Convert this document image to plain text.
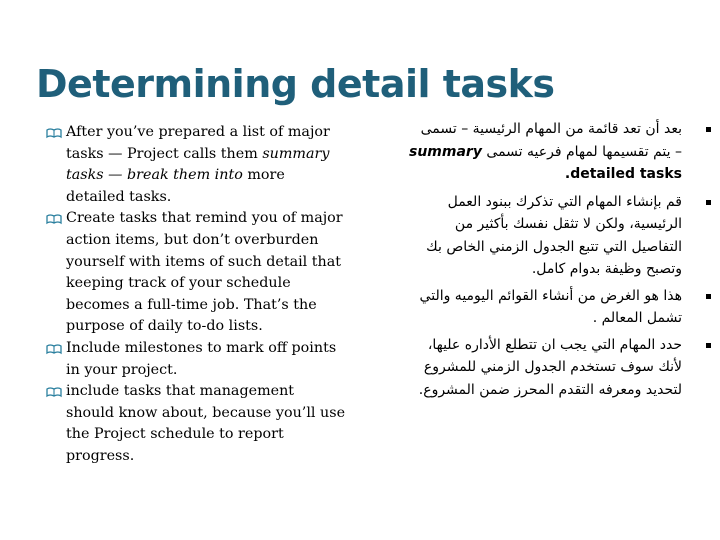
Determining detail tasks
After you’ve prepared a list of major
tasks — Project calls them summary
tasks — break them into more
detailed tasks.
Create tasks that remind you of major
action items, but don’t overburden
yourself with items of such detail that
keeping track of your schedule
becomes a full-time job. That’s the
purpose of daily to-do lists.
Include milestones to mark off points
in your project.
include tasks that management
should know about, because you’ll use
the Project schedule to report
progress.
بعد أن تعد قائمة من المهام الرئيسية – تسمى
– يتم تقسيمها لمهام فرعيه تسمى summary
.detailed tasks
قم بإنشاء المهام التي تذكرك ببنود العمل
الرئيسية، ولكن لا تثقل نفسك بأكثير من
التفاصيل التي تتبع الجدول الزمني الخاص بك
وتصبح وظيفة بدوام كامل.
هذا هو الغرض من أنشاء القوائم اليوميه والتي
تشمل المعالم .
حدد المهام التي يجب ان تتطلع الأداره عليها،
لأنك سوف تستخدم الجدول الزمني للمشروع
لتحديد ومعرفه التقدم المحرز ضمن المشروع.
